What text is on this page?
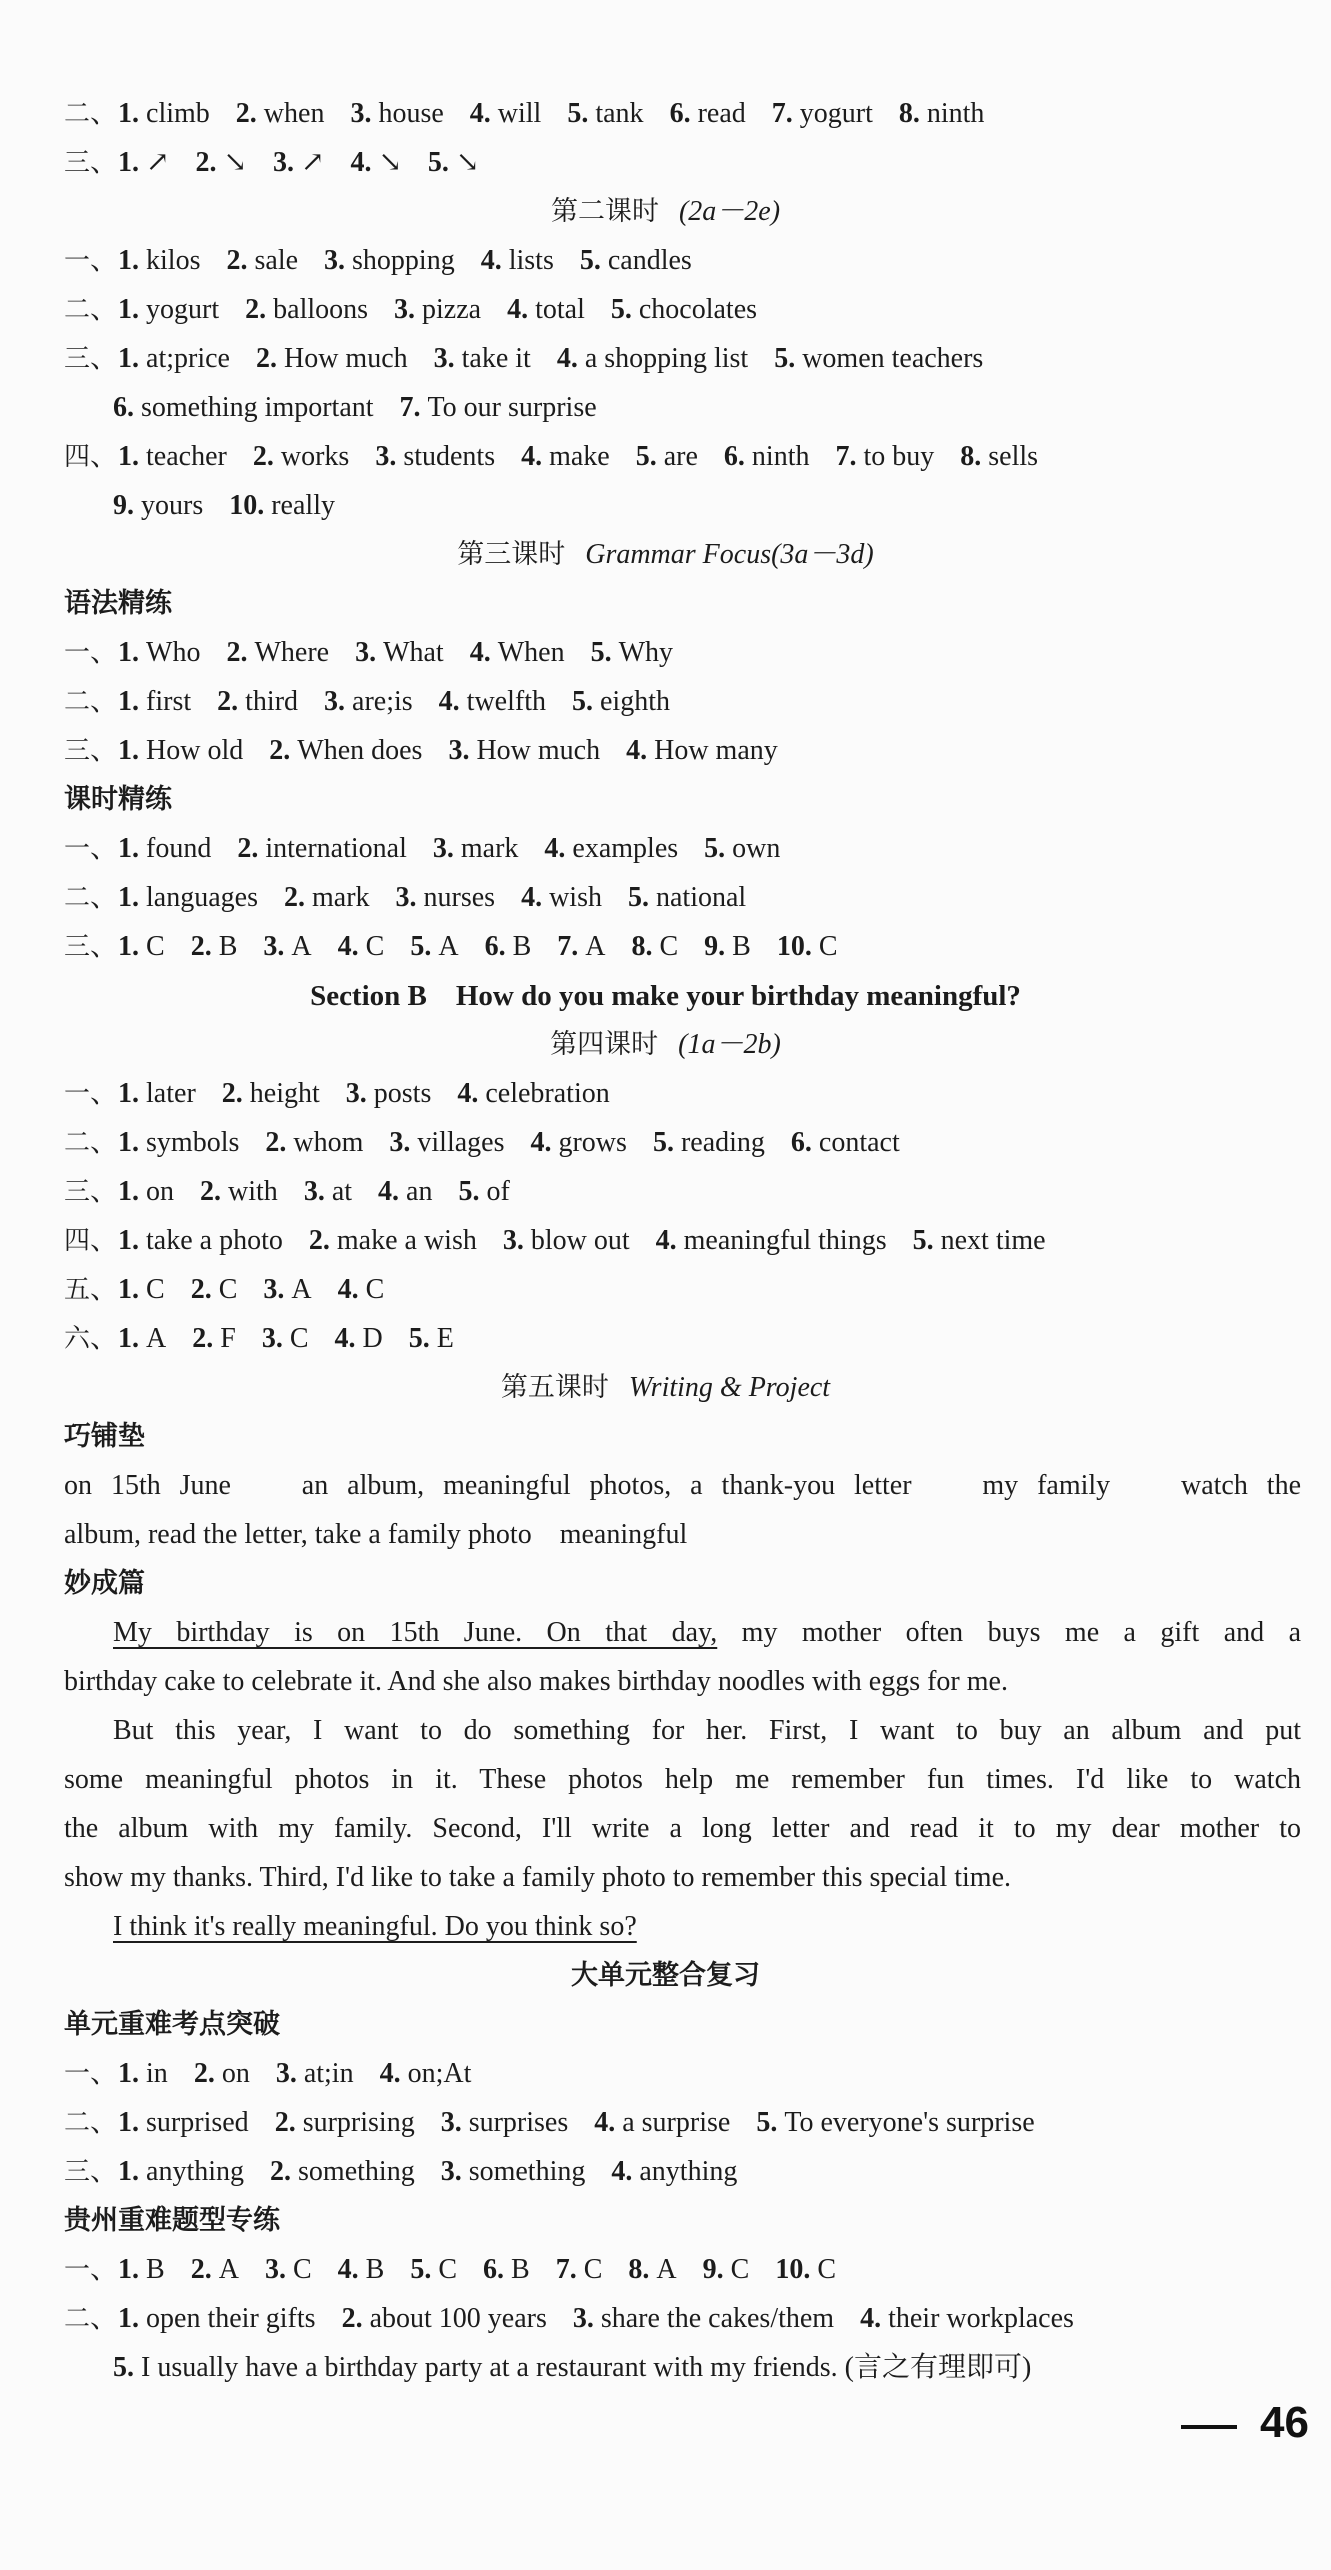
二、1. climb 2. when 3. house 4. will 5. tank 6. read 7. yogurt 8. ninth
三、1. ↗ 2. ↘ 3. ↗ 4. ↘ 5. ↘
第二课时 (2a－2e)
一、1. kilos 2. sale 3. shopping 4. lists 5. candles
二、1. yogurt 2. balloons 3. pizza 4. total 5. chocolates
三、1. at;price 2. How much 3. take it 4. a shopping list 5. women teachers
6. something important 7. To our surprise
四、1. teacher 2. works 3. students 4. make 5. are 6. ninth 7. to buy 8. sells
9. yours 10. really
第三课时 Grammar Focus(3a－3d)
语法精练
一、1. Who 2. Where 3. What 4. When 5. Why
二、1. first 2. third 3. are;is 4. twelfth 5. eighth
三、1. How old 2. When does 3. How much 4. How many
课时精练
一、1. found 2. international 3. mark 4. examples 5. own
二、1. languages 2. mark 3. nurses 4. wish 5. national
三、1. C 2. B 3. A 4. C 5. A 6. B 7. A 8. C 9. B 10. C
Section B　How do you make your birthday meaningful?
第四课时 (1a－2b)
一、1. later 2. height 3. posts 4. celebration
二、1. symbols 2. whom 3. villages 4. grows 5. reading 6. contact
三、1. on 2. with 3. at 4. an 5. of
四、1. take a photo 2. make a wish 3. blow out 4. meaningful things 5. next time
五、1. C 2. C 3. A 4. C
六、1. A 2. F 3. C 4. D 5. E
第五课时 Writing & Project
巧铺垫
on 15th June　 an album, meaningful photos, a thank-you letter　 my family　 watch the
album, read the letter, take a family photo　meaningful
妙成篇
My birthday is on 15th June. On that day, my mother often buys me a gift and a
birthday cake to celebrate it. And she also makes birthday noodles with eggs for me.
But this year, I want to do something for her. First, I want to buy an album and put
some meaningful photos in it. These photos help me remember fun times. I'd like to watch
the album with my family. Second, I'll write a long letter and read it to my dear mother to
show my thanks. Third, I'd like to take a family photo to remember this special time.
I think it's really meaningful. Do you think so?
大单元整合复习
单元重难考点突破
一、1. in 2. on 3. at;in 4. on;At
二、1. surprised 2. surprising 3. surprises 4. a surprise 5. To everyone's surprise
三、1. anything 2. something 3. something 4. anything
贵州重难题型专练
一、1. B 2. A 3. C 4. B 5. C 6. B 7. C 8. A 9. C 10. C
二、1. open their gifts 2. about 100 years 3. share the cakes/them 4. their workplaces
5. I usually have a birthday party at a restaurant with my friends. (言之有理即可)
46
